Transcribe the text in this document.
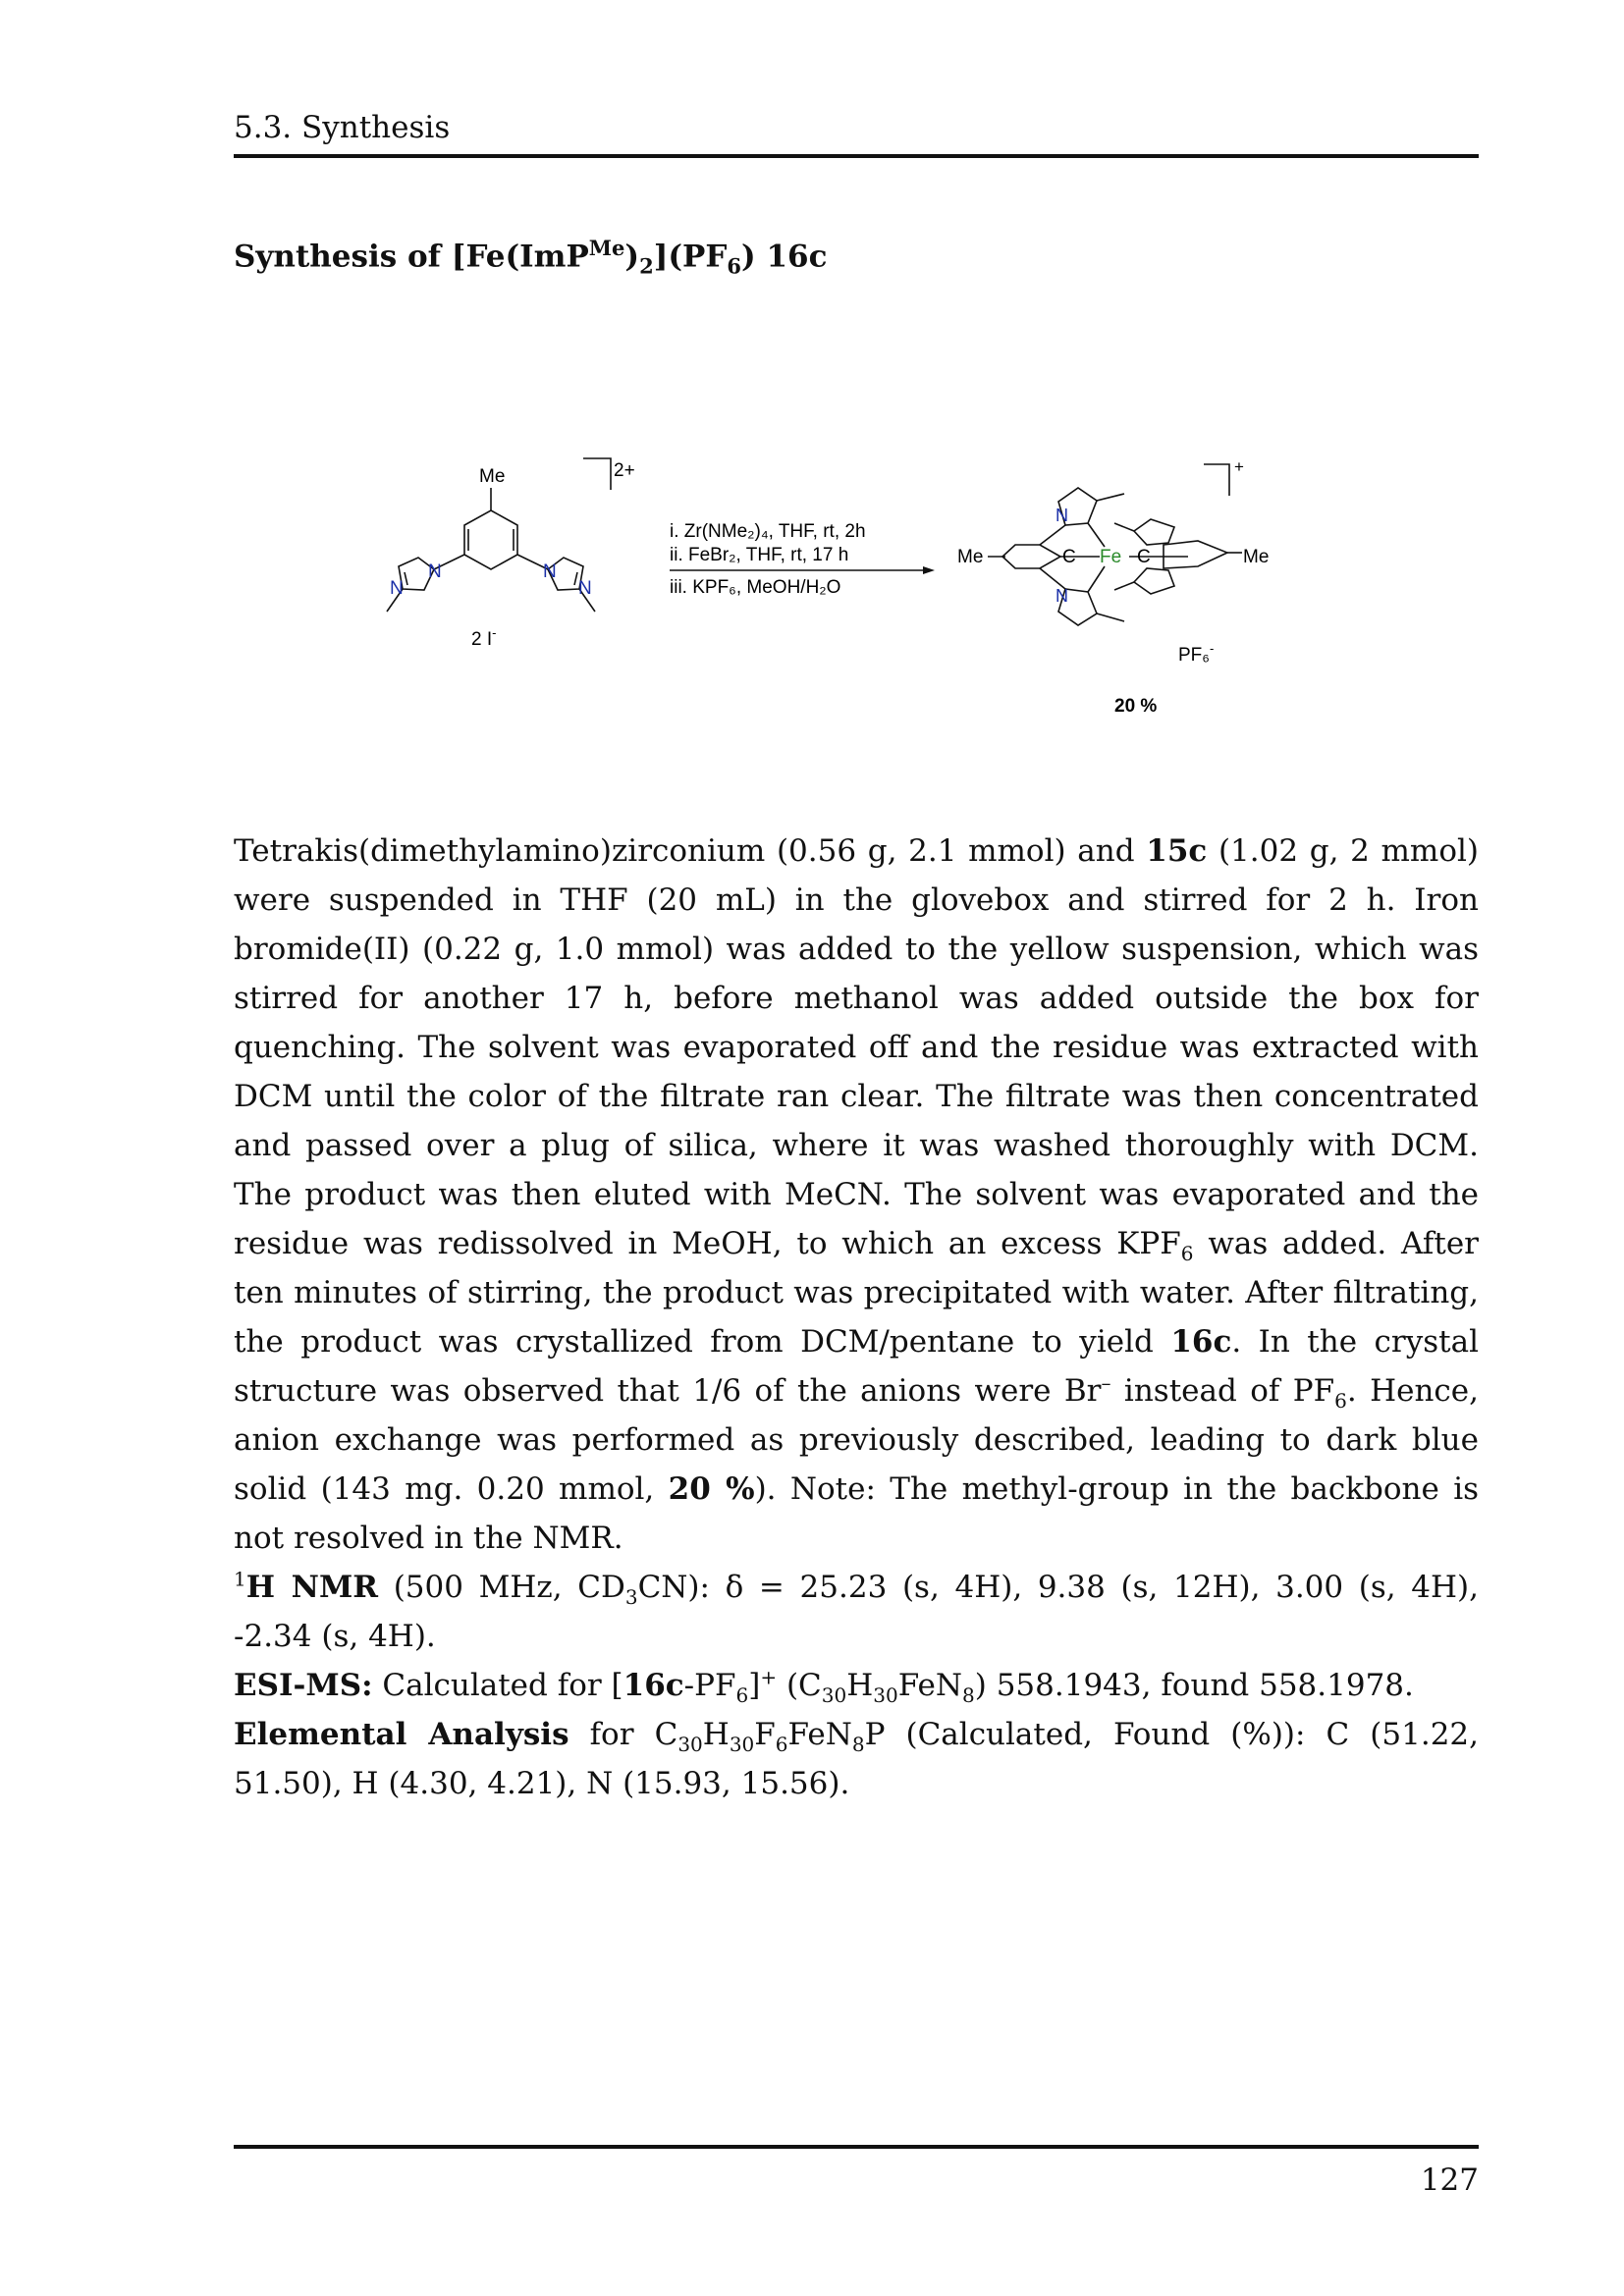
5.3. Synthesis
Synthesis of $[Fe(ImP^{Me})_2](PF_6)$ 16c
Me
N
N
N
N
2+
2 I-
i. Zr(NMe₂)₄, THF, rt, 2h
ii. FeBr₂, THF, rt, 17 h
iii. KPF₆, MeOH/H₂O
N
N
Me	Me
C Fe C
+
PF₆-
20 %

Tetrakis(dimethylamino)zirconium (0.56 g, 2.1 mmol) and 15c (1.02 g, 2 mmol) were suspended in THF (20 mL) in the glovebox and stirred for 2 h. Iron bromide(II) (0.22 g, 1.0 mmol) was added to the yellow suspension, which was stirred for another 17 h, before methanol was added outside the box for quenching. The solvent was evaporated off and the residue was extracted with DCM until the color of the filtrate ran clear. The filtrate was then concentrated and passed over a plug of silica, where it was washed thoroughly with DCM. The product was then eluted with MeCN. The solvent was evaporated and the residue was redissolved in MeOH, to which an excess $KPF_6$ was added. After ten minutes of stirring, the product was precipitated with water. After filtrating, the product was crystallized from DCM/pentane to yield 16c. In the crystal structure was observed that 1/6 of the anions were Br– instead of $PF_6$. Hence, anion exchange was performed as previously described, leading to dark blue solid (143 mg. 0.20 mmol, 20 %). Note: The methyl-group in the backbone is not resolved in the NMR.

$^1$H NMR (500 MHz, $CD_3CN$): δ = 25.23 (s, 4H), 9.38 (s, 12H), 3.00 (s, 4H), -2.34 (s, 4H).

ESI-MS: Calculated for $[16c-PF_6]^+$ $(C_{30}H_{30}FeN_8)$ 558.1943, found 558.1978.

Elemental Analysis for $C_{30}H_{30}F_6FeN_8P$ (Calculated, Found (%)): C (51.22, 51.50), H (4.30, 4.21), N (15.93, 15.56).

127
